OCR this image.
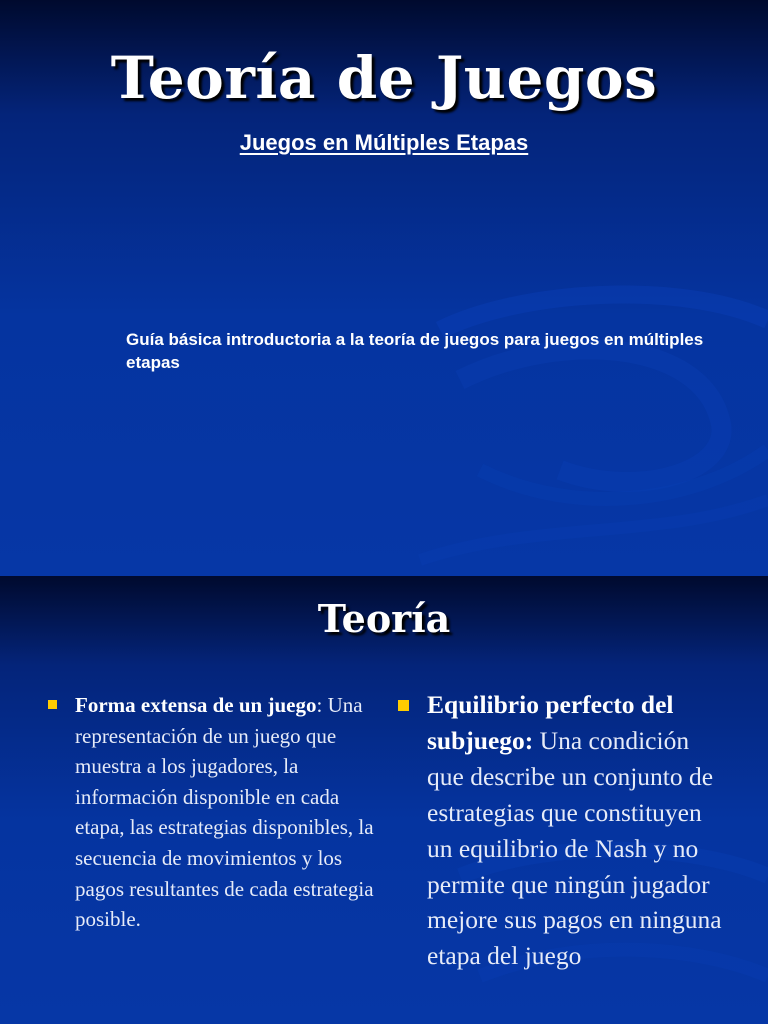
Teoría de Juegos
Juegos en Múltiples Etapas
Guía básica introductoria a la teoría de juegos para juegos en múltiples etapas
Teoría

Forma extensa de un juego: Una representación de un juego que muestra a los jugadores, la información disponible en cada etapa, las estrategias disponibles, la secuencia de movimientos y los pagos resultantes de cada estrategia posible.

Equilibrio perfecto del subjuego: Una condición que describe un conjunto de estrategias que constituyen un equilibrio de Nash y no permite que ningún jugador mejore sus pagos en ninguna etapa del juego
